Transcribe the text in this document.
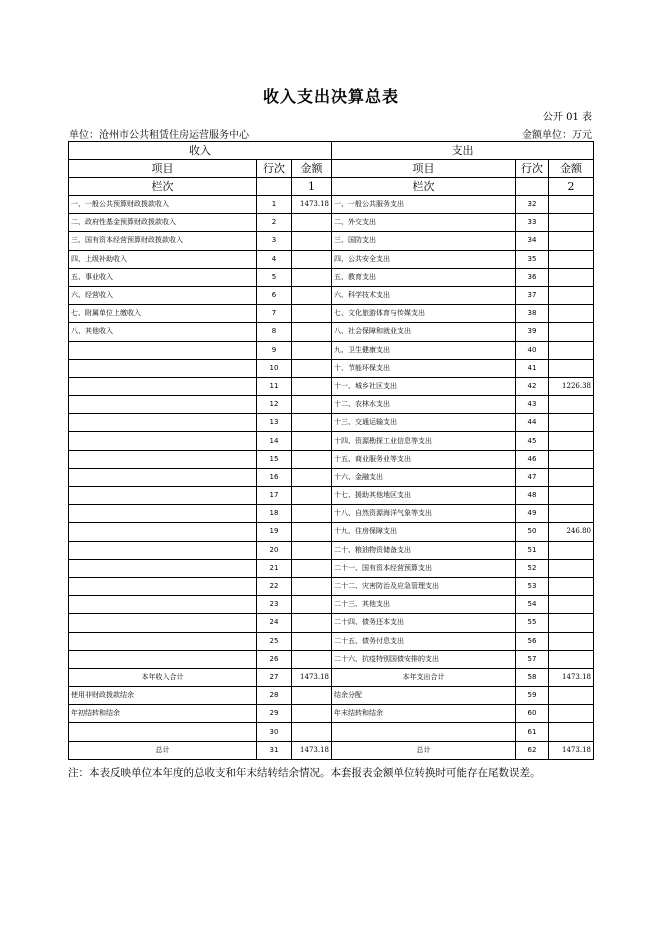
收入支出决算总表
公开 01 表
单位：沧州市公共租赁住房运营服务中心	金额单位：万元
收入			支出		
项目	行次	金额	项目	行次	金额
栏次		1	栏次		2
一、一般公共预算财政拨款收入	1	1473.18	一、一般公共服务支出	32	
二、政府性基金预算财政拨款收入	2		二、外交支出	33	
三、国有资本经营预算财政拨款收入	3		三、国防支出	34	
四、上级补助收入	4		四、公共安全支出	35	
五、事业收入	5		五、教育支出	36	
六、经营收入	6		六、科学技术支出	37	
七、附属单位上缴收入	7		七、文化旅游体育与传媒支出	38	
八、其他收入	8		八、社会保障和就业支出	39	
	9		九、卫生健康支出	40	
	10		十、节能环保支出	41	
	11		十一、城乡社区支出	42	1226.38
	12		十二、农林水支出	43	
	13		十三、交通运输支出	44	
	14		十四、资源勘探工业信息等支出	45	
	15		十五、商业服务业等支出	46	
	16		十六、金融支出	47	
	17		十七、援助其他地区支出	48	
	18		十八、自然资源海洋气象等支出	49	
	19		十九、住房保障支出	50	246.80
	20		二十、粮油物资储备支出	51	
	21		二十一、国有资本经营预算支出	52	
	22		二十二、灾害防治及应急管理支出	53	
	23		二十三、其他支出	54	
	24		二十四、债务还本支出	55	
	25		二十五、债务付息支出	56	
	26		二十六、抗疫特别国债安排的支出	57	
本年收入合计	27	1473.18	本年支出合计	58	1473.18
使用非财政拨款结余	28		结余分配	59	
年初结转和结余	29		年末结转和结余	60	
	30			61	
总计	31	1473.18	总计	62	1473.18
注：本表反映单位本年度的总收支和年末结转结余情况。本套报表金额单位转换时可能存在尾数误差。
